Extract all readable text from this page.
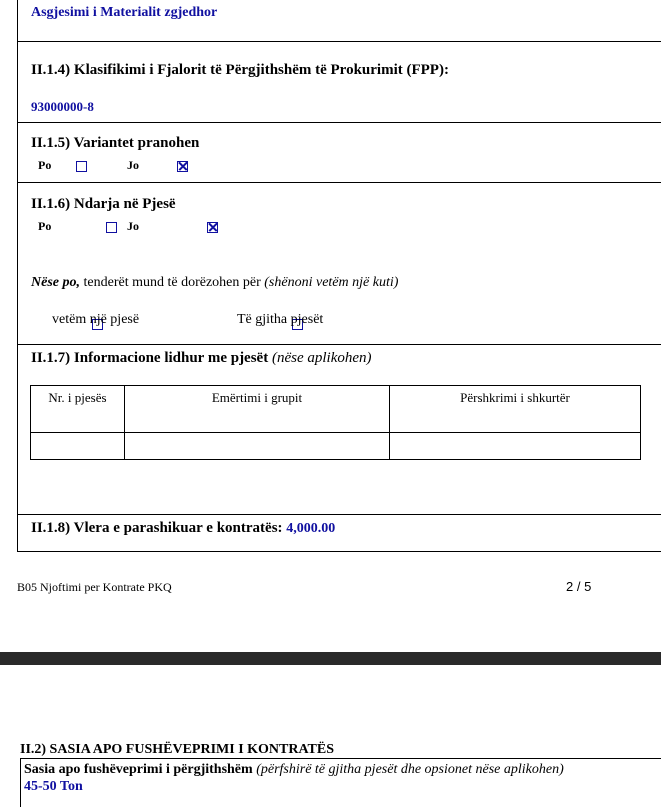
Asgjesimi i Materialit zgjedhor
II.1.4) Klasifikimi i Fjalorit të Përgjithshëm të Prokurimit (FPP):
93000000-8
II.1.5) Variantet pranohen
Po
	Jo

II.1.6) Ndarja në Pjesë
Po
	Jo

Nëse po, tenderët mund të dorëzohen për (shënoni vetëm një kuti)

vetëm një pjesë	Të gjitha pjesët
II.1.7) Informacione lidhur me pjesët (nëse aplikohen)
Nr. i pjesës	Emërtimi i grupit	Përshkrimi i shkurtër

II.1.8) Vlera e parashikuar e kontratës: 4,000.00
B05 Njoftimi per Kontrate PKQ	2 / 5
II.2) SASIA APO FUSHËVEPRIMI I KONTRATËS
Sasia apo fushëveprimi i përgjithshëm (përfshirë të gjitha pjesët dhe opsionet nëse aplikohen)
45-50 Ton
